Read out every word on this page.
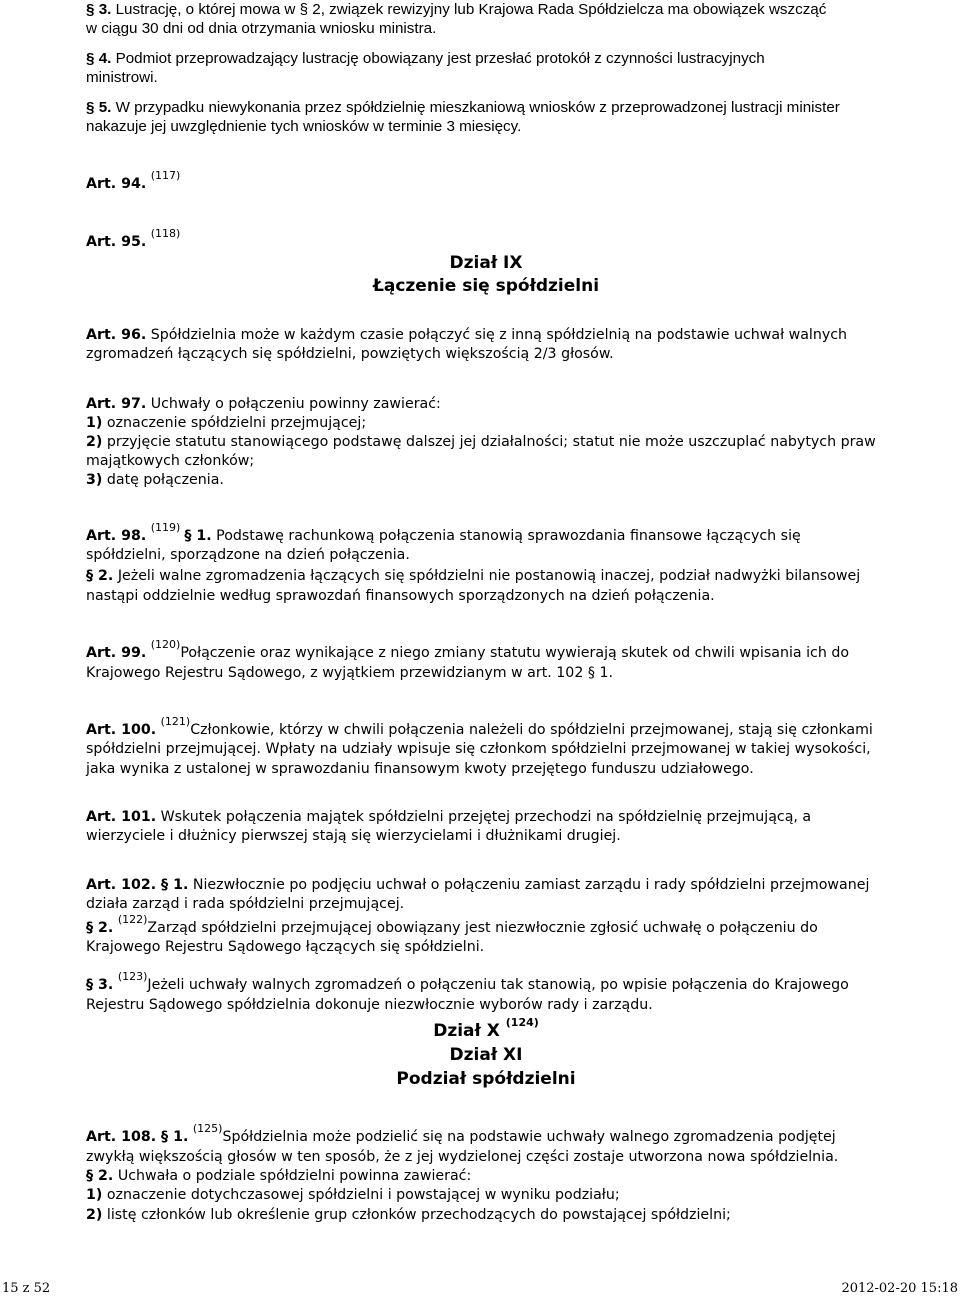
§ 3. Lustrację, o której mowa w § 2, związek rewizyjny lub Krajowa Rada Spółdzielcza ma obowiązek wszcząć
w ciągu 30 dni od dnia otrzymania wniosku ministra.
§ 4. Podmiot przeprowadzający lustrację obowiązany jest przesłać protokół z czynności lustracyjnych
ministrowi.
§ 5. W przypadku niewykonania przez spółdzielnię mieszkaniową wniosków z przeprowadzonej lustracji minister
nakazuje jej uwzględnienie tych wniosków w terminie 3 miesięcy.
Art. 94. $^{(117)}$
Art. 95. $^{(118)}$
Dział IX
Łączenie się spółdzielni
Art. 96. Spółdzielnia może w każdym czasie połączyć się z inną spółdzielnią na podstawie uchwał walnych
zgromadzeń łączących się spółdzielni, powziętych większością 2/3 głosów.
Art. 97. Uchwały o połączeniu powinny zawierać:
1) oznaczenie spółdzielni przejmującej;
2) przyjęcie statutu stanowiącego podstawę dalszej jej działalności; statut nie może uszczuplać nabytych praw
majątkowych członków;
3) datę połączenia.
Art. 98. $^{(119)}$§ 1. Podstawę rachunkową połączenia stanowią sprawozdania finansowe łączących się
spółdzielni, sporządzone na dzień połączenia.
§ 2. Jeżeli walne zgromadzenia łączących się spółdzielni nie postanowią inaczej, podział nadwyżki bilansowej
nastąpi oddzielnie według sprawozdań finansowych sporządzonych na dzień połączenia.
Art. 99. $^{(120)}$Połączenie oraz wynikające z niego zmiany statutu wywierają skutek od chwili wpisania ich do
Krajowego Rejestru Sądowego, z wyjątkiem przewidzianym w art. 102 § 1.
Art. 100. $^{(121)}$Członkowie, którzy w chwili połączenia należeli do spółdzielni przejmowanej, stają się członkami
spółdzielni przejmującej. Wpłaty na udziały wpisuje się członkom spółdzielni przejmowanej w takiej wysokości,
jaka wynika z ustalonej w sprawozdaniu finansowym kwoty przejętego funduszu udziałowego.
Art. 101. Wskutek połączenia majątek spółdzielni przejętej przechodzi na spółdzielnię przejmującą, a
wierzyciele i dłużnicy pierwszej stają się wierzycielami i dłużnikami drugiej.
Art. 102. § 1. Niezwłocznie po podjęciu uchwał o połączeniu zamiast zarządu i rady spółdzielni przejmowanej
działa zarząd i rada spółdzielni przejmującej.
§ 2. $^{(122)}$Zarząd spółdzielni przejmującej obowiązany jest niezwłocznie zgłosić uchwałę o połączeniu do
Krajowego Rejestru Sądowego łączących się spółdzielni.
§ 3. $^{(123)}$Jeżeli uchwały walnych zgromadzeń o połączeniu tak stanowią, po wpisie połączenia do Krajowego
Rejestru Sądowego spółdzielnia dokonuje niezwłocznie wyborów rady i zarządu.
Dział X $^{(124)}$
Dział XI
Podział spółdzielni
Art. 108. § 1. $^{(125)}$Spółdzielnia może podzielić się na podstawie uchwały walnego zgromadzenia podjętej
zwykłą większością głosów w ten sposób, że z jej wydzielonej części zostaje utworzona nowa spółdzielnia.
§ 2. Uchwała o podziale spółdzielni powinna zawierać:
1) oznaczenie dotychczasowej spółdzielni i powstającej w wyniku podziału;
2) listę członków lub określenie grup członków przechodzących do powstającej spółdzielni;
15 z 52	2012-02-20 15:18
